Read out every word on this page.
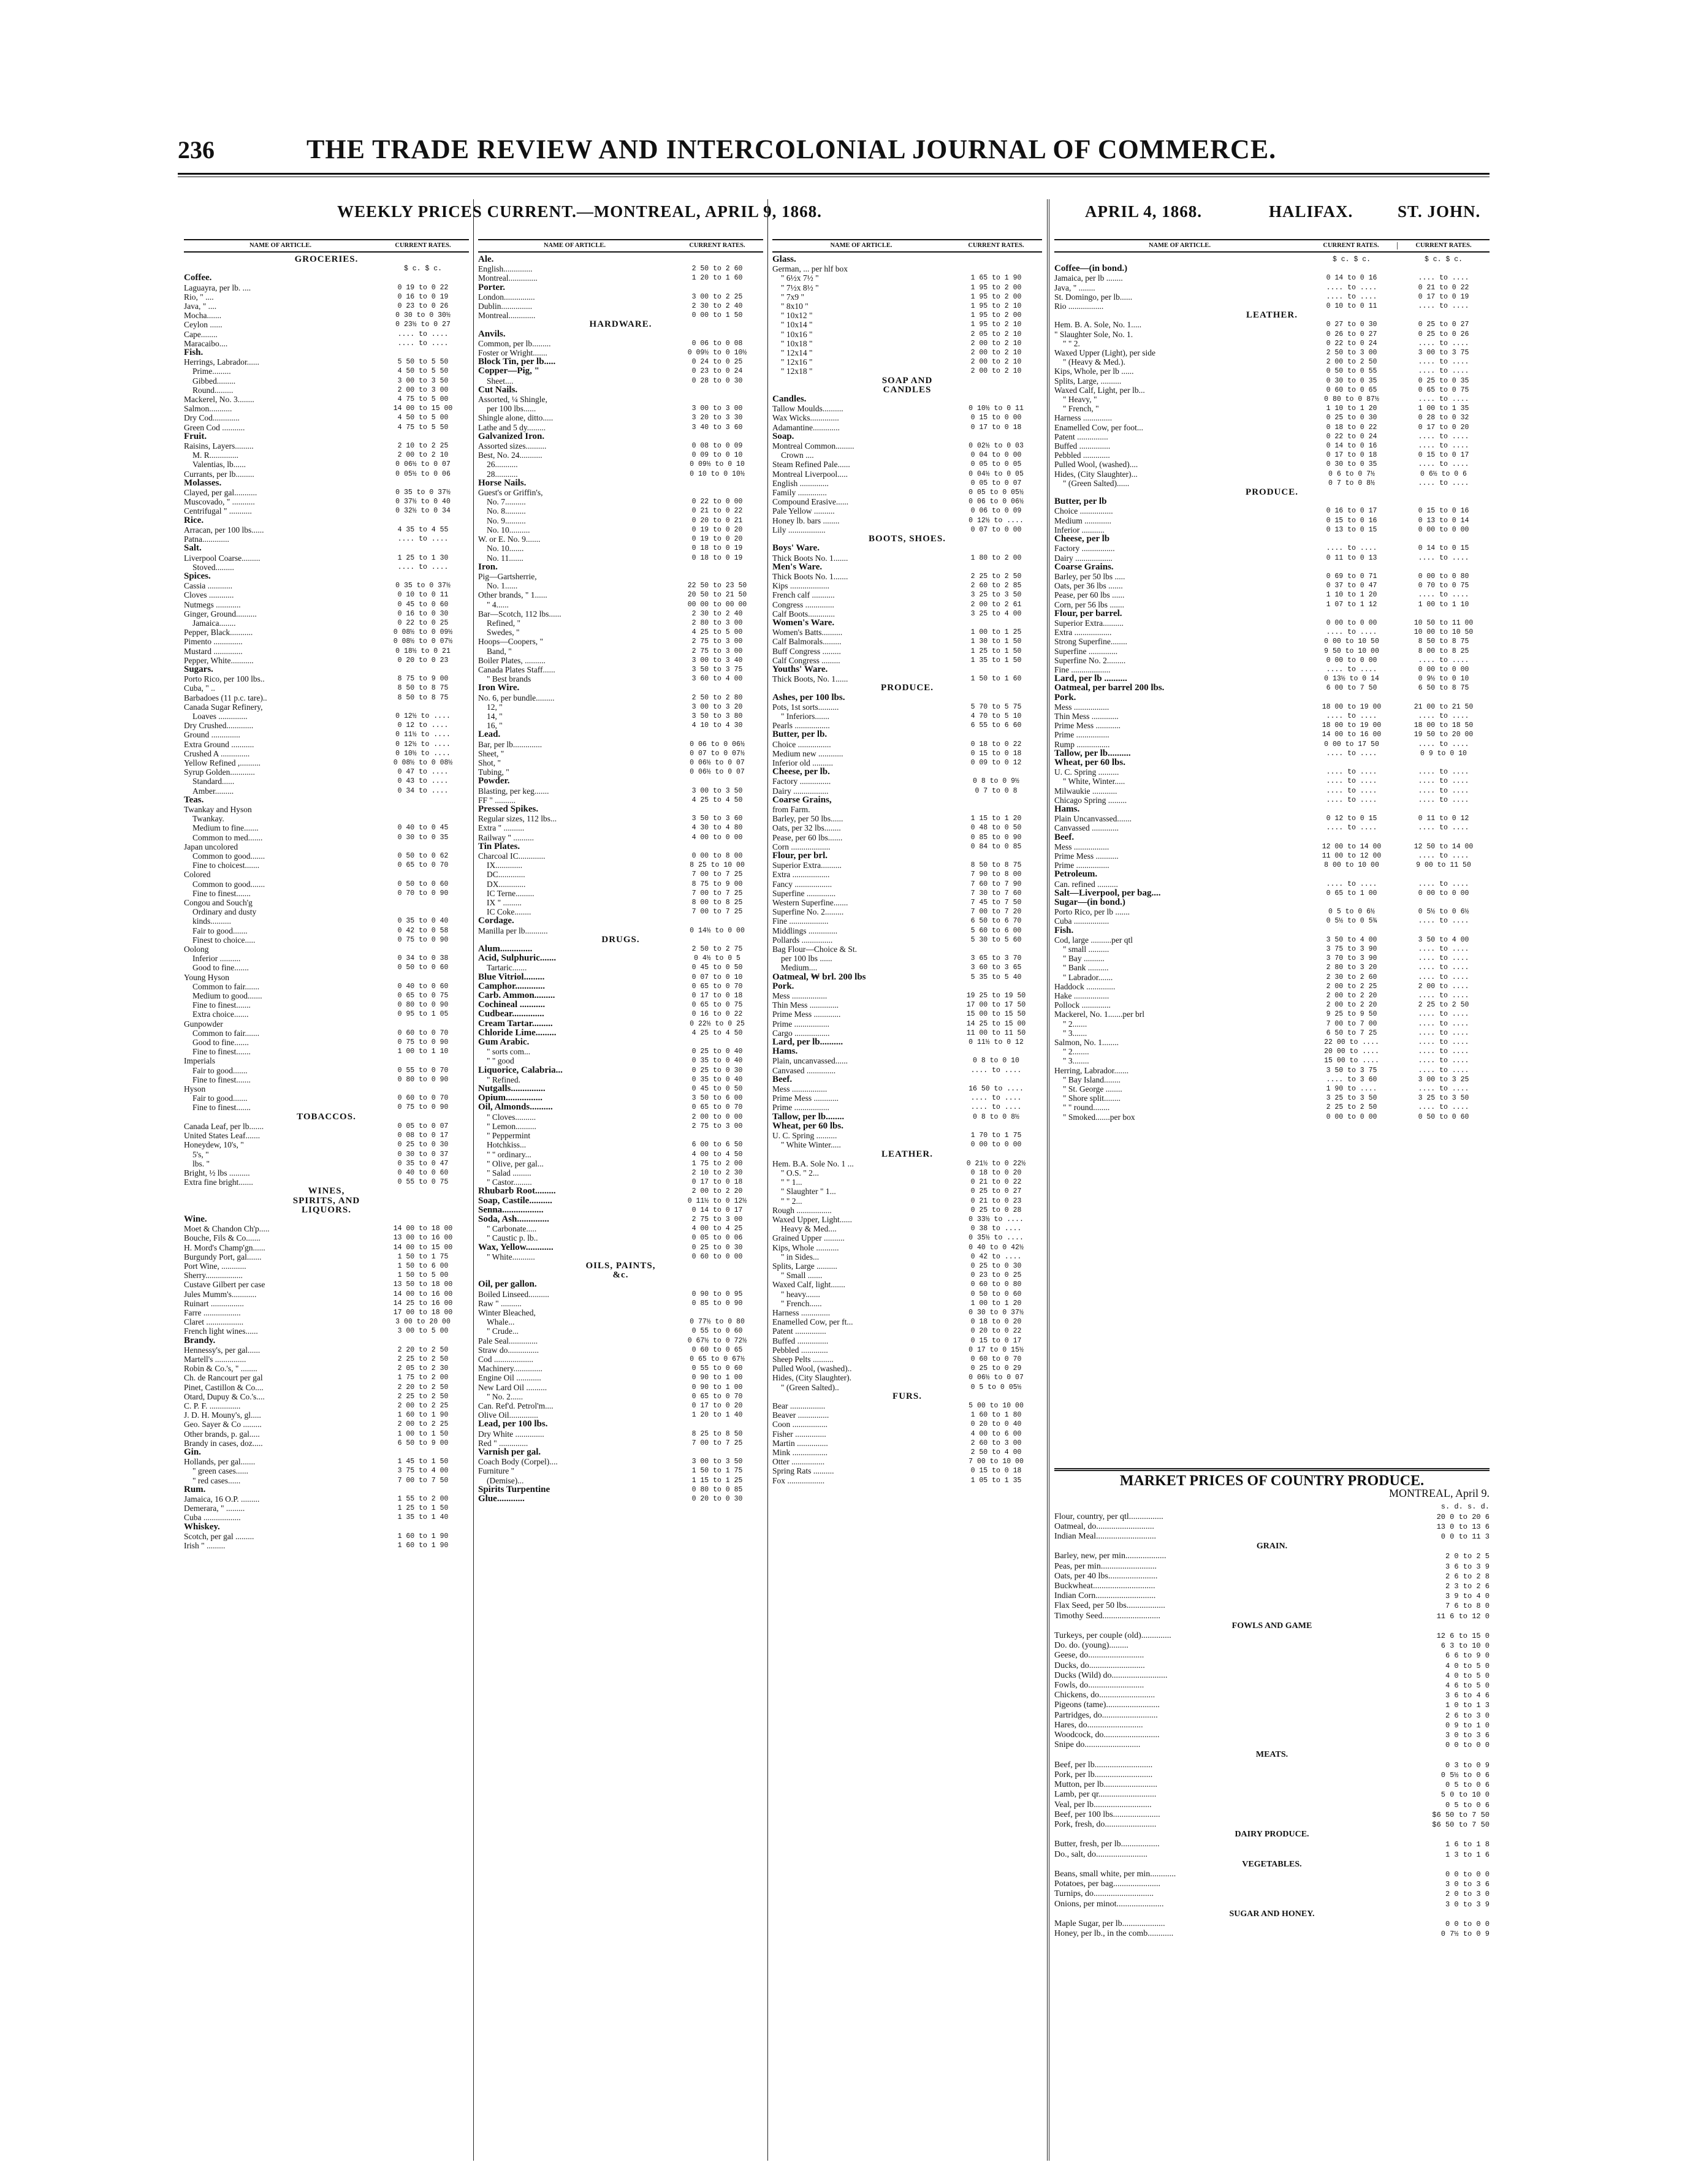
236	THE TRADE REVIEW AND INTERCOLONIAL JOURNAL OF COMMERCE.
WEEKLY PRICES CURRENT.—MONTREAL, APRIL 9, 1868.	APRIL 4, 1868.	HALIFAX.	ST. JOHN.
NAME OF ARTICLE.	CURRENT RATES.
GROCERIES.
$ c. $ c.
Coffee.
Laguayra, per lb. ....	0 19 to 0 22
Rio, " ....	0 16 to 0 19
Java, " ....	0 23 to 0 26
Mocha.......	0 30 to 0 30½
Ceylon ......	0 23½ to 0 27
Cape........	.... to ....
Maracaibo....	.... to ....
Fish.
Herrings, Labrador......	5 50 to 5 50
Prime.........	4 50 to 5 50
Gibbed.........	3 00 to 3 50
Round.........	2 00 to 3 00
Mackerel, No. 3........	4 75 to 5 00
Salmon...........	14 00 to 15 00
Dry Cod.............	4 50 to 5 00
Green Cod ...........	4 75 to 5 50
Fruit.
Raisins, Layers.........	2 10 to 2 25
M. R..............	2 00 to 2 10
Valentias, lb......	0 06½ to 0 07
Currants, per lb.........	0 05½ to 0 06
Molasses.
Clayed, per gal...........	0 35 to 0 37½
Muscovado, " ...........	0 37½ to 0 40
Centrifugal " ...........	0 32½ to 0 34
Rice.
Arracan, per 100 lbs......	4 35 to 4 55
Patna.............	.... to ....
Salt.
Liverpool Coarse.........	1 25 to 1 30
Stoved.........	.... to ....
Spices.
Cassia ............	0 35 to 0 37½
Cloves ............	0 10 to 0 11
Nutmegs ............	0 45 to 0 60
Ginger, Ground..........	0 16 to 0 30
Jamaica........	0 22 to 0 25
Pepper, Black...........	0 08½ to 0 09½
Pimento ..............	0 08½ to 0 07½
Mustard ..............	0 18½ to 0 21
Pepper, White...........	0 20 to 0 23
Sugars.
Porto Rico, per 100 lbs..	8 75 to 9 00
Cuba, " ..	8 50 to 8 75
Barbadoes (11 p.c. tare)..	8 50 to 8 75
Canada Sugar Refinery,
Loaves ..............	0 12½ to ....
Dry Crushed.............	0 12 to ....
Ground ..............	0 11½ to ....
Extra Ground ...........	0 12½ to ....
Crushed A ..............	0 10½ to ....
Yellow Refined ,..........	0 08½ to 0 08½
Syrup Golden............	0 47 to ....
Standard......	0 43 to ....
Amber.........	0 34 to ....
Teas.
Twankay and Hyson
Twankay.
Medium to fine.......	0 40 to 0 45
Common to med.......	0 30 to 0 35
Japan uncolored
Common to good.......	0 50 to 0 62
Fine to choicest.......	0 65 to 0 70
Colored
Common to good.......	0 50 to 0 60
Fine to finest.......	0 70 to 0 90
Congou and Souch'g
Ordinary and dusty
kinds..........	0 35 to 0 40
Fair to good.......	0 42 to 0 58
Finest to choice.....	0 75 to 0 90
Oolong
Inferior ..........	0 34 to 0 38
Good to fine.......	0 50 to 0 60
Young Hyson
Common to fair.......	0 40 to 0 60
Medium to good.......	0 65 to 0 75
Fine to finest.......	0 80 to 0 90
Extra choice.......	0 95 to 1 05
Gunpowder
Common to fair.......	0 60 to 0 70
Good to fine.......	0 75 to 0 90
Fine to finest.......	1 00 to 1 10
Imperials
Fair to good.......	0 55 to 0 70
Fine to finest.......	0 80 to 0 90
Hyson
Fair to good.......	0 60 to 0 70
Fine to finest.......	0 75 to 0 90
TOBACCOS.
Canada Leaf, per lb.......	0 05 to 0 07
United States Leaf.......	0 08 to 0 17
Honeydew, 10's, "	0 25 to 0 30
5's, "	0 30 to 0 37
lbs. "	0 35 to 0 47
Bright, ½ lbs ..........	0 40 to 0 60
Extra fine bright.......	0 55 to 0 75
WINES,
SPIRITS, AND
LIQUORS.
Wine.
Moet & Chandon Ch'p.....	14 00 to 18 00
Bouche, Fils & Co.......	13 00 to 16 00
H. Mord's Champ'gn......	14 00 to 15 00
Burgundy Port, gal.......	1 50 to 1 75
Port Wine, ............	1 50 to 6 00
Sherry..................	1 50 to 5 00
Custave Gilbert per case	13 50 to 18 00
Jules Mumm's............	14 00 to 16 00
Ruinart ................	14 25 to 16 00
Farre ..................	17 00 to 18 00
Claret ..................	3 00 to 20 00
French light wines......	3 00 to 5 00
Brandy.
Hennessy's, per gal......	2 20 to 2 50
Martell's ...............	2 25 to 2 50
Robin & Co.'s, " ........	2 05 to 2 30
Ch. de Rancourt per gal	1 75 to 2 00
Pinet, Castillon & Co....	2 20 to 2 50
Otard, Dupuy & Co.'s....	2 25 to 2 50
C. P. F. ...............	2 00 to 2 25
J. D. H. Mouny's, gl.....	1 60 to 1 90
Geo. Sayer & Co .........	2 00 to 2 25
Other brands, p. gal.....	1 00 to 1 50
Brandy in cases, doz.....	6 50 to 9 00
Gin.
Hollands, per gal.......	1 45 to 1 50
" green cases......	3 75 to 4 00
" red cases......	7 00 to 7 50
Rum.
Jamaica, 16 O.P. .........	1 55 to 2 00
Demerara, " .........	1 25 to 1 50
Cuba ..................	1 35 to 1 40
Whiskey.
Scotch, per gal .........	1 60 to 1 90
Irish " .........	1 60 to 1 90
NAME OF ARTICLE.	CURRENT RATES.
Ale.
English..............	2 50 to 2 60
Montreal..............	1 20 to 1 60
Porter.
London...............	3 00 to 2 25
Dublin...............	2 30 to 2 40
Montreal.............	0 00 to 1 50
HARDWARE.
Anvils.
Common, per lb.........	0 06 to 0 08
Foster or Wright.......	0 09½ to 0 10½
Block Tin, per lb.....	0 24 to 0 25
Copper—Pig, "	0 23 to 0 24
Sheet....	0 28 to 0 30
Cut Nails.
Assorted, ¼ Shingle,
per 100 lbs......	3 00 to 3 00
Shingle alone, ditto.....	3 20 to 3 30
Lathe and 5 dy.........	3 40 to 3 60
Galvanized Iron.
Assorted sizes..........	0 08 to 0 09
Best, No. 24...........	0 09 to 0 10
26...........	0 09½ to 0 10
28...........	0 10 to 0 10½
Horse Nails.
Guest's or Griffin's,
No. 7..........	0 22 to 0 00
No. 8..........	0 21 to 0 22
No. 9..........	0 20 to 0 21
No. 10..........	0 19 to 0 20
W. or E. No. 9.......	0 19 to 0 20
No. 10.......	0 18 to 0 19
No. 11.......	0 18 to 0 19
Iron.
Pig—Gartsherrie,
No. 1......	22 50 to 23 50
Other brands, " 1......	20 50 to 21 50
" 4......	00 00 to 00 00
Bar—Scotch, 112 lbs......	2 30 to 2 40
Refined, "	2 80 to 3 00
Swedes, "	4 25 to 5 00
Hoops—Coopers, "	2 75 to 3 00
Band, "	2 75 to 3 00
Boiler Plates, ..........	3 00 to 3 40
Canada Plates Staff......	3 50 to 3 75
" Best brands	3 60 to 4 00
Iron Wire.
No. 6, per bundle.........	2 50 to 2 80
12, "	3 00 to 3 20
14, "	3 50 to 3 80
16, "	4 10 to 4 30
Lead.
Bar, per lb..............	0 06 to 0 06½
Sheet, "	0 07 to 0 07½
Shot, "	0 06½ to 0 07
Tubing, "	0 06½ to 0 07
Powder.
Blasting, per keg.......	3 00 to 3 50
FF " ..........	4 25 to 4 50
Pressed Spikes.
Regular sizes, 112 lbs...	3 50 to 3 60
Extra " ..........	4 30 to 4 80
Railway " ..........	4 00 to 0 00
Tin Plates.
Charcoal IC.............	0 00 to 8 00
IX.............	8 25 to 10 00
DC.............	7 00 to 7 25
DX.............	8 75 to 9 00
IC Terne.........	7 00 to 7 25
IX " .........	8 00 to 8 25
IC Coke........	7 00 to 7 25
Cordage.
Manilla per lb...........	0 14½ to 0 00
DRUGS.
Alum..............	2 50 to 2 75
Acid, Sulphuric.......	0 4½ to 0 5
Tartaric.......	0 45 to 0 50
Blue Vitriol.........	0 07 to 0 10
Camphor.............	0 65 to 0 70
Carb. Ammon.........	0 17 to 0 18
Cochineal ...........	0 65 to 0 75
Cudbear..............	0 16 to 0 22
Cream Tartar.........	0 22½ to 0 25
Chloride Lime.........	4 25 to 4 50
Gum Arabic.
" sorts com...	0 25 to 0 40
" " good	0 35 to 0 40
Liquorice, Calabria...	0 25 to 0 30
" Refined.	0 35 to 0 40
Nutgalls...............	0 45 to 0 50
Opium................	3 50 to 6 00
Oil, Almonds..........	0 65 to 0 70
" Cloves..........	2 00 to 0 00
" Lemon..........	2 75 to 3 00
" Peppermint
Hotchkiss...	6 00 to 6 50
" " ordinary...	4 00 to 4 50
" Olive, per gal...	1 75 to 2 00
" Salad .........	2 10 to 2 30
" Castor.........	0 17 to 0 18
Rhubarb Root.........	2 00 to 2 20
Soap, Castile..........	0 11½ to 0 12½
Senna..................	0 14 to 0 17
Soda, Ash..............	2 75 to 3 00
" Carbonate.....	4 00 to 4 25
" Caustic p. lb..	0 05 to 0 06
Wax, Yellow............	0 25 to 0 30
" White...........	0 60 to 0 00
OILS, PAINTS,
&c.
Oil, per gallon.
Boiled Linseed..........	0 90 to 0 95
Raw " ..........	0 85 to 0 90
Winter Bleached,
Whale...	0 77½ to 0 80
" Crude...	0 55 to 0 60
Pale Seal..............	0 67½ to 0 72½
Straw do...............	0 60 to 0 65
Cod ...................	0 65 to 0 67½
Machinery..............	0 55 to 0 60
Engine Oil ............	0 90 to 1 00
New Lard Oil ..........	0 90 to 1 00
" No. 2......	0 65 to 0 70
Can. Ref'd. Petrol'm....	0 17 to 0 20
Olive Oil..............	1 20 to 1 40
Lead, per 100 lbs.
Dry White ..............	8 25 to 8 50
Red " ..............	7 00 to 7 25
Varnish per gal.
Coach Body (Corpel)....	3 00 to 3 50
Furniture "	1 50 to 1 75
(Demise)...	1 15 to 1 25
Spirits Turpentine	0 80 to 0 85
Glue............	0 20 to 0 30
NAME OF ARTICLE.	CURRENT RATES.
Glass.
German, ... per hlf box
" 6½x 7½ "	1 65 to 1 90
" 7½x 8½ "	1 95 to 2 00
" 7x9 "	1 95 to 2 00
" 8x10 "	1 95 to 2 10
" 10x12 "	1 95 to 2 00
" 10x14 "	1 95 to 2 10
" 10x16 "	2 05 to 2 10
" 10x18 "	2 00 to 2 10
" 12x14 "	2 00 to 2 10
" 12x16 "	2 00 to 2 10
" 12x18 "	2 00 to 2 10
SOAP AND
CANDLES
Candles.
Tallow Moulds..........	0 10½ to 0 11
Wax Wicks..............	0 15 to 0 00
Adamantine.............	0 17 to 0 18
Soap.
Montreal Common.........	0 02½ to 0 03
Crown ....	0 04 to 0 00
Steam Refined Pale......	0 05 to 0 05
Montreal Liverpool.....	0 04½ to 0 05
English ..............	0 05 to 0 07
Family ..............	0 05 to 0 05½
Compound Erasive......	0 06 to 0 06½
Pale Yellow ..........	0 06 to 0 09
Honey lb. bars ........	0 12½ to ....
Lily ..................	0 07 to 0 00
BOOTS, SHOES.
Boys' Ware.
Thick Boots No. 1.......	1 80 to 2 00
Men's Ware.
Thick Boots No. 1.......	2 25 to 2 50
Kips ...................	2 60 to 2 85
French calf ...........	3 25 to 3 50
Congress ..............	2 00 to 2 61
Calf Boots.............	3 25 to 4 00
Women's Ware.
Women's Batts..........	1 00 to 1 25
Calf Balmorals.........	1 30 to 1 50
Buff Congress .........	1 25 to 1 50
Calf Congress .........	1 35 to 1 50
Youths' Ware.
Thick Boots, No. 1......	1 50 to 1 60
PRODUCE.
Ashes, per 100 lbs.
Pots, 1st sorts..........	5 70 to 5 75
" Inferiors.......	4 70 to 5 10
Pearls .................	6 55 to 6 60
Butter, per lb.
Choice ................	0 18 to 0 22
Medium new ............	0 15 to 0 18
Inferior old ..........	0 09 to 0 12
Cheese, per lb.
Factory ...............	0 8 to 0 9½
Dairy .................	0 7 to 0 8
Coarse Grains,
from Farm.
Barley, per 50 lbs......	1 15 to 1 20
Oats, per 32 lbs........	0 48 to 0 50
Pease, per 60 lbs.......	0 85 to 0 90
Corn ...................	0 84 to 0 85
Flour, per brl.
Superior Extra..........	8 50 to 8 75
Extra ..................	7 90 to 8 00
Fancy ..................	7 60 to 7 90
Superfine ..............	7 30 to 7 60
Western Superfine.......	7 45 to 7 50
Superfine No. 2.........	7 00 to 7 20
Fine ...................	6 50 to 6 70
Middlings ..............	5 60 to 6 00
Pollards ...............	5 30 to 5 60
Bag Flour—Choice & St.
per 100 lbs ......	3 65 to 3 70
Medium....	3 60 to 3 65
Oatmeal, ₩ brl. 200 lbs	5 35 to 5 40
Pork.
Mess .................	19 25 to 19 50
Thin Mess ..............	17 00 to 17 50
Prime Mess .............	15 00 to 15 50
Prime .................	14 25 to 15 00
Cargo .................	11 00 to 11 50
Lard, per lb..........	0 11½ to 0 12
Hams.
Plain, uncanvassed......	0 8 to 0 10
Canvased ..............	.... to ....
Beef.
Mess .................	16 50 to ....
Prime Mess ............	.... to ....
Prime .................	.... to ....
Tallow, per lb........	0 8 to 0 8½
Wheat, per 60 lbs.
U. C. Spring ..........	1 70 to 1 75
" White Winter.....	0 00 to 0 00
LEATHER.
Hem. B.A. Sole No. 1 ...	0 21½ to 0 22½
" O.S. " 2...	0 18 to 0 20
" " 1...	0 21 to 0 22
" Slaughter " 1...	0 25 to 0 27
" " 2...	0 21 to 0 23
Rough .................	0 25 to 0 28
Waxed Upper, Light......	0 33½ to ....
Heavy & Med....	0 38 to ....
Grained Upper ..........	0 35½ to ....
Kips, Whole ...........	0 40 to 0 42½
" in Sides...	0 42 to ....
Splits, Large ..........	0 25 to 0 30
" Small .......	0 23 to 0 25
Waxed Calf, light.......	0 60 to 0 80
" heavy.......	0 50 to 0 60
" French......	1 00 to 1 20
Harness ..............	0 30 to 0 37½
Enamelled Cow, per ft...	0 18 to 0 20
Patent ...............	0 20 to 0 22
Buffed ...............	0 15 to 0 17
Pebbled .............	0 17 to 0 15½
Sheep Pelts ..........	0 60 to 0 70
Pulled Wool, (washed)..	0 25 to 0 29
Hides, (City Slaughter).	0 06½ to 0 07
" (Green Salted)..	0 5 to 0 05½
FURS.
Bear .................	5 00 to 10 00
Beaver ...............	1 60 to 1 80
Coon .................	0 20 to 0 40
Fisher ...............	4 00 to 6 00
Martin ...............	2 60 to 3 00
Mink .................	2 50 to 4 00
Otter ................	7 00 to 10 00
Spring Rats ..........	0 15 to 0 18
Fox ..................	1 05 to 1 35
NAME OF ARTICLE.	CURRENT RATES.	CURRENT RATES.
$ c. $ c.	$ c. $ c.
Coffee—(in bond.)
Jamaica, per lb ........	0 14 to 0 16	.... to ....
Java, " ........	.... to ....	0 21 to 0 22
St. Domingo, per lb......	.... to ....	0 17 to 0 19
Rio .................	0 10 to 0 11	.... to ....
LEATHER.
Hem. B. A. Sole, No. 1.....	0 27 to 0 30	0 25 to 0 27
" Slaughter Sole, No. 1.	0 26 to 0 27	0 25 to 0 26
" " 2.	0 22 to 0 24	.... to ....
Waxed Upper (Light), per side	2 50 to 3 00	3 00 to 3 75
" (Heavy & Med.).	2 00 to 2 50	.... to ....
Kips, Whole, per lb ......	0 50 to 0 55	.... to ....
Splits, Large, ..........	0 30 to 0 35	0 25 to 0 35
Waxed Calf, Light, per lb...	0 60 to 0 65	0 65 to 0 75
" Heavy, "	0 80 to 0 87½	.... to ....
" French, "	1 10 to 1 20	1 00 to 1 35
Harness ..............	0 25 to 0 30	0 28 to 0 32
Enamelled Cow, per foot...	0 18 to 0 22	0 17 to 0 20
Patent ...............	0 22 to 0 24	.... to ....
Buffed ...............	0 14 to 0 16	.... to ....
Pebbled .............	0 17 to 0 18	0 15 to 0 17
Pulled Wool, (washed)....	0 30 to 0 35	.... to ....
Hides, (City Slaughter)...	0 6 to 0 7½	0 6½ to 0 6
" (Green Salted)......	0 7 to 0 8½	.... to ....
PRODUCE.
Butter, per lb
Choice ................	0 16 to 0 17	0 15 to 0 16
Medium .............	0 15 to 0 16	0 13 to 0 14
Inferior ...........	0 13 to 0 15	0 00 to 0 00
Cheese, per lb
Factory ................	.... to ....	0 14 to 0 15
Dairy ..................	0 11 to 0 13	.... to ....
Coarse Grains.
Barley, per 50 lbs .....	0 69 to 0 71	0 00 to 0 80
Oats, per 36 lbs .......	0 37 to 0 47	0 70 to 0 75
Pease, per 60 lbs ......	1 10 to 1 20	.... to ....
Corn, per 56 lbs .......	1 07 to 1 12	1 00 to 1 10
Flour, per barrel.
Superior Extra..........	0 00 to 0 00	10 50 to 11 00
Extra ..................	.... to ....	10 00 to 10 50
Strong Superfine........	0 00 to 10 50	8 50 to 8 75
Superfine ..............	9 50 to 10 00	8 00 to 8 25
Superfine No. 2.........	0 00 to 0 00	.... to ....
Fine ...................	.... to ....	0 00 to 0 00
Lard, per lb ..........	0 13½ to 0 14	0 9½ to 0 10
Oatmeal, per barrel 200 lbs.	6 00 to 7 50	6 50 to 8 75
Pork.
Mess .................	18 00 to 19 00	21 00 to 21 50
Thin Mess .............	.... to ....	.... to ....
Prime Mess ............	18 00 to 19 00	18 00 to 18 50
Prime ................	14 00 to 16 00	19 50 to 20 00
Rump ................	0 00 to 17 50	.... to ....
Tallow, per lb..........	.... to ....	0 9 to 0 10
Wheat, per 60 lbs.
U. C. Spring ..........	.... to ....	.... to ....
" White, Winter.....	.... to ....	.... to ....
Milwaukie ............	.... to ....	.... to ....
Chicago Spring .........	.... to ....	.... to ....
Hams.
Plain Uncanvassed.......	0 12 to 0 15	0 11 to 0 12
Canvassed .............	.... to ....	.... to ....
Beef.
Mess .................	12 00 to 14 00	12 50 to 14 00
Prime Mess ...........	11 00 to 12 00	.... to ....
Prime ................	8 00 to 10 00	9 00 to 11 50
Petroleum.
Can. refined ..........	.... to ....	.... to ....
Salt—Liverpool, per bag....	0 65 to 1 00	0 00 to 0 00
Sugar—(in bond.)
Porto Rico, per lb .......	0 5 to 0 6½	0 5½ to 0 6½
Cuba .................	0 5½ to 0 5¾	.... to ....
Fish.
Cod, large ..........per qtl	3 50 to 4 00	3 50 to 4 00
" small ..........	3 75 to 3 90	.... to ....
" Bay ..........	3 70 to 3 90	.... to ....
" Bank ..........	2 80 to 3 20	.... to ....
" Labrador.......	2 30 to 2 60	.... to ....
Haddock ..............	2 00 to 2 25	2 00 to ....
Hake .................	2 00 to 2 20	.... to ....
Pollock ..............	2 00 to 2 20	2 25 to 2 50
Mackerel, No. 1.......per brl	9 25 to 9 50	.... to ....
" 2.......	7 00 to 7 00	.... to ....
" 3.......	6 50 to 7 25	.... to ....
Salmon, No. 1........	22 00 to ....	.... to ....
" 2........	20 00 to ....	.... to ....
" 3........	15 00 to ....	.... to ....
Herring, Labrador.......	3 50 to 3 75	.... to ....
" Bay Island........	.... to 3 60	3 00 to 3 25
" St. George ........	1 90 to ....	.... to ....
" Shore split........	3 25 to 3 50	3 25 to 3 50
" " round........	2 25 to 2 50	.... to ....
" Smoked.......per box	0 00 to 0 00	0 50 to 0 60
MARKET PRICES OF COUNTRY PRODUCE.
MONTREAL, April 9.
s. d. s. d.
Flour, country, per qtl................	20 0 to 20 6
Oatmeal, do...........................	13 0 to 13 6
Indian Meal............................	0 0 to 11 3
GRAIN.
Barley, new, per min...................	2 0 to 2 5
Peas, per min..........................	3 6 to 3 9
Oats, per 40 lbs.......................	2 6 to 2 8
Buckwheat.............................	2 3 to 2 6
Indian Corn............................	3 9 to 4 0
Flax Seed, per 50 lbs..................	7 6 to 8 0
Timothy Seed...........................	11 6 to 12 0
FOWLS AND GAME
Turkeys, per couple (old)..............	12 6 to 15 0
Do. do. (young).........	6 3 to 10 0
Geese, do..........................	6 6 to 9 0
Ducks, do..........................	4 0 to 5 0
Ducks (Wild) do..........................	4 0 to 5 0
Fowls, do..........................	4 6 to 5 0
Chickens, do..........................	3 6 to 4 6
Pigeons (tame).........................	1 0 to 1 3
Partridges, do..........................	2 6 to 3 0
Hares, do..........................	0 9 to 1 0
Woodcock, do..........................	3 0 to 3 6
Snipe do..........................	0 0 to 0 0
MEATS.
Beef, per lb...........................	0 3 to 0 9
Pork, per lb...........................	0 5½ to 0 6
Mutton, per lb.........................	0 5 to 0 6
Lamb, per qr...........................	5 0 to 10 0
Veal, per lb...........................	0 5 to 0 6
Beef, per 100 lbs......................	$6 50 to 7 50
Pork, fresh, do........................	$6 50 to 7 50
DAIRY PRODUCE.
Butter, fresh, per lb..................	1 6 to 1 8
Do., salt, do........................	1 3 to 1 6
VEGETABLES.
Beans, small white, per min............	0 0 to 0 0
Potatoes, per bag......................	3 0 to 3 6
Turnips, do............................	2 0 to 3 0
Onions, per minot......................	3 0 to 3 9
SUGAR AND HONEY.
Maple Sugar, per lb....................	0 0 to 0 0
Honey, per lb., in the comb............	0 7½ to 0 9
